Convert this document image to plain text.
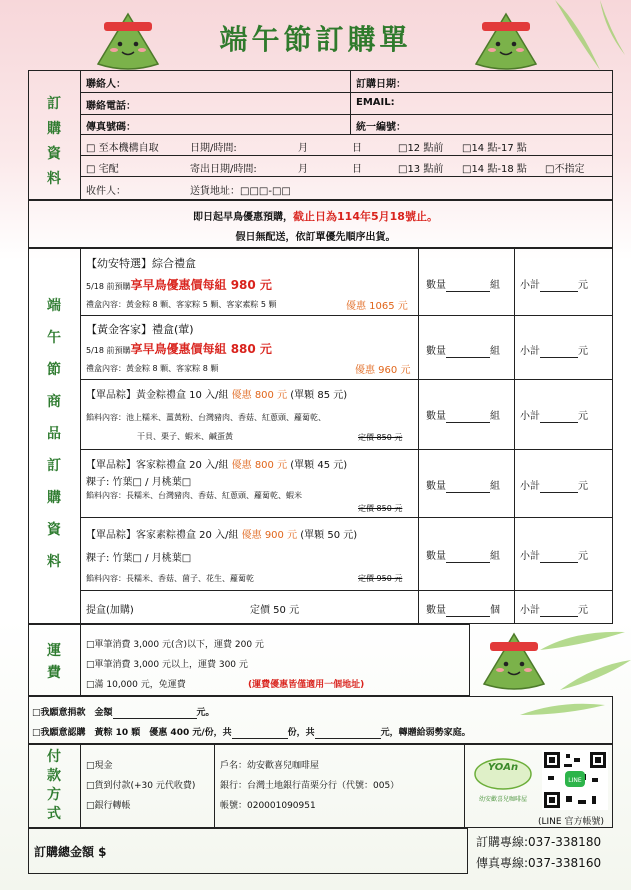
端午節訂購單
訂
購
資
料
聯絡人：	訂購日期：
聯絡電話：	EMAIL:
傳真號碼：	統一編號：
□ 至本機構自取	日期/時間:	月	日	□12 點前 □14 點-17 點
□ 宅配	寄出日期/時間:	月	日	□13 點前 □14 點-18 點 □不指定
收件人：	送貨地址：□□□-□□
即日起早鳥優惠預購，截止日為114年5月18號止。
假日無配送，依訂單優先順序出貨。
端
午
節
商
品
訂
購
資
料
【幼安特選】綜合禮盒
5/18 前預購享早鳥優惠價每組 980 元
禮盒內容：黃金粽 8 顆、客家粽 5 顆、客家素粽 5 顆	優惠 1065 元
數量	組 小計	元
【黃金客家】禮盒(葷)
5/18 前預購享早鳥優惠價每組 880 元
禮盒內容：黃金粽 8 顆、客家粽 8 顆	優惠 960 元
數量	組 小計	元
【單品粽】黃金粽禮盒 10 入/組 優惠 800 元 (單顆 85 元)
餡料內容：池上糯米、薑黃粉、台灣豬肉、香菇、紅蔥頭、蘿蔔乾、
干貝、栗子、蝦米、鹹蛋黃	定價 850 元
數量	組 小計	元
【單品粽】客家粽禮盒 20 入/組 優惠 800 元 (單顆 45 元)
粿子: 竹葉□ / 月桃葉□
餡料內容：長糯米、台灣豬肉、香菇、紅蔥頭、蘿蔔乾、蝦米
定價 850 元
數量	組 小計	元
【單品粽】客家素粽禮盒 20 入/組 優惠 900 元 (單顆 50 元)
粿子: 竹葉□ / 月桃葉□
餡料內容：長糯米、香菇、菌子、花生、蘿蔔乾	定價 950 元
數量	組 小計	元
提盒(加購)	定價 50 元	數量	個 小計	元
運
費
□單筆消費 3,000 元(含)以下，運費 200 元
□單筆消費 3,000 元以上，運費 300 元
□滿 10,000 元，免運費	(運費優惠皆僅適用一個地址)
□我願意捐款　金額	元。
□我願意認購　黃粽 10 顆　優惠 400 元/份，共	份，共	元，轉贈給弱勢家庭。
付
款
方
式
□現金
□貨到付款(+30 元代收費)
□銀行轉帳
戶名：幼安歡喜兒咖啡屋
銀行：台灣土地銀行苗栗分行（代號：005）
帳號：020001090951
YOAn
幼安歡喜兒咖啡屋
LINE
(LINE 官方帳號)
訂購總金額 $
訂購專線:037-338180
傳真專線:037-338160
